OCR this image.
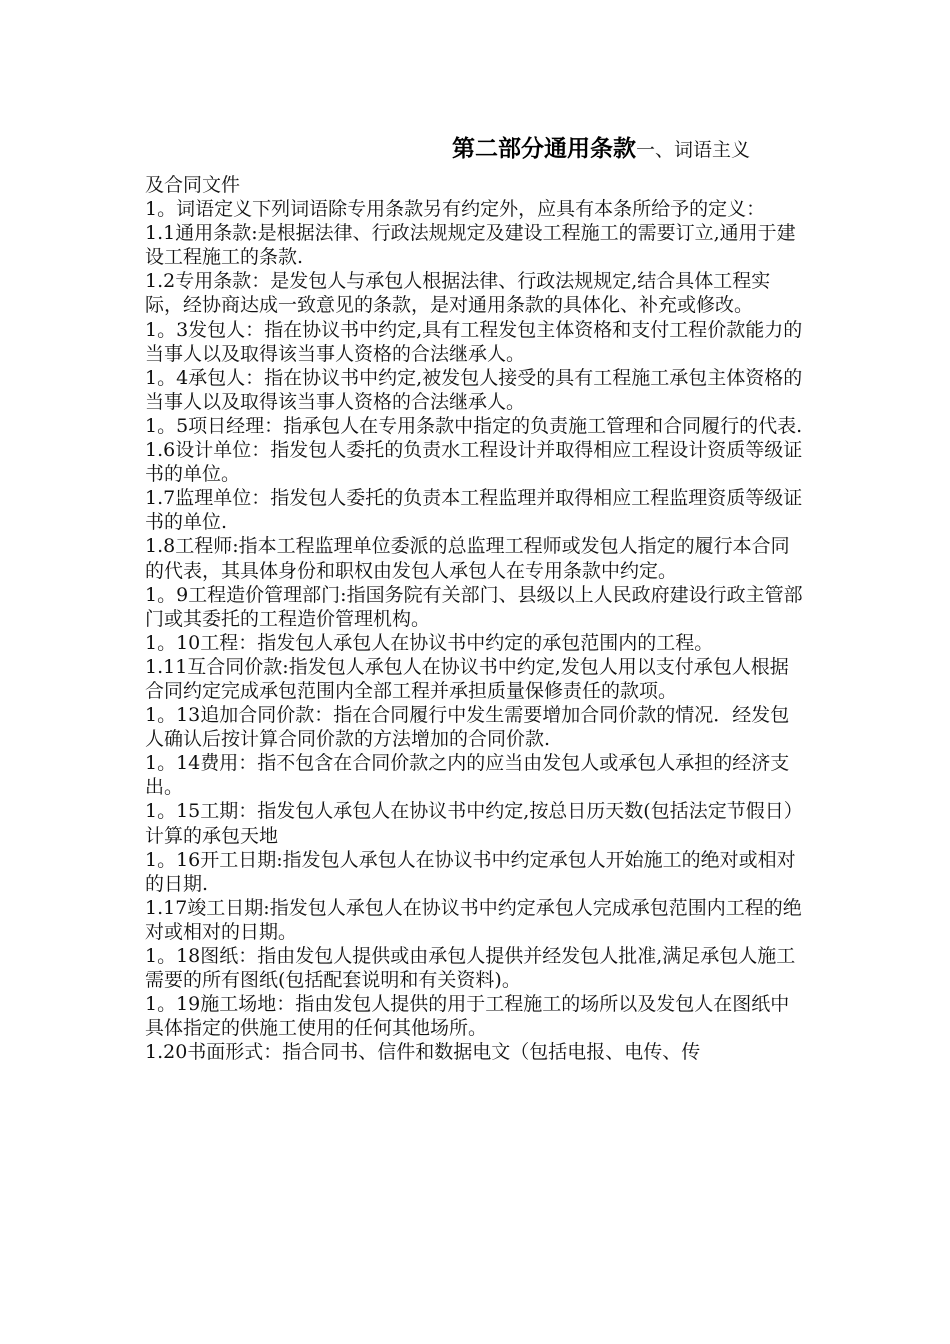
第二部分通用条款一、词语主义

及合同文件

1。词语定义下列词语除专用条款另有约定外，应具有本条所给予的定义：

1.1通用条款:是根据法律、行政法规规定及建设工程施工的需要订立,通用于建设工程施工的条款.

1.2专用条款：是发包人与承包人根据法律、行政法规规定,结合具体工程实际，经协商达成一致意见的条款，是对通用条款的具体化、补充或修改。

1。3发包人：指在协议书中约定,具有工程发包主体资格和支付工程价款能力的当事人以及取得该当事人资格的合法继承人。

1。4承包人：指在协议书中约定,被发包人接受的具有工程施工承包主体资格的当事人以及取得该当事人资格的合法继承人。

1。5项日经理：指承包人在专用条款中指定的负责施工管理和合同履行的代表.

1.6设计单位：指发包人委托的负责水工程设计并取得相应工程设计资质等级证书的单位。

1.7监理单位：指发包人委托的负责本工程监理并取得相应工程监理资质等级证书的单位.

1.8工程师:指本工程监理单位委派的总监理工程师或发包人指定的履行本合同的代表，其具体身份和职权由发包人承包人在专用条款中约定。

1。9工程造价管理部门:指国务院有关部门、县级以上人民政府建设行政主管部门或其委托的工程造价管理机构。

1。10工程：指发包人承包人在协议书中约定的承包范围内的工程。

1.11互合同价款:指发包人承包人在协议书中约定,发包人用以支付承包人根据合同约定完成承包范围内全部工程并承担质量保修责任的款项。

1。13追加合同价款：指在合同履行中发生需要增加合同价款的情况．经发包人确认后按计算合同价款的方法增加的合同价款.

1。14费用：指不包含在合同价款之内的应当由发包人或承包人承担的经济支出。

1。15工期：指发包人承包人在协议书中约定,按总日历天数(包括法定节假日）计算的承包天地

1。16开工日期:指发包人承包人在协议书中约定承包人开始施工的绝对或相对的日期.

1.17竣工日期:指发包人承包人在协议书中约定承包人完成承包范围内工程的绝对或相对的日期。

1。18图纸：指由发包人提供或由承包人提供并经发包人批准,满足承包人施工需要的所有图纸(包括配套说明和有关资料)。

1。19施工场地：指由发包人提供的用于工程施工的场所以及发包人在图纸中具体指定的供施工使用的任何其他场所。

1.20书面形式：指合同书、信件和数据电文（包括电报、电传、传
